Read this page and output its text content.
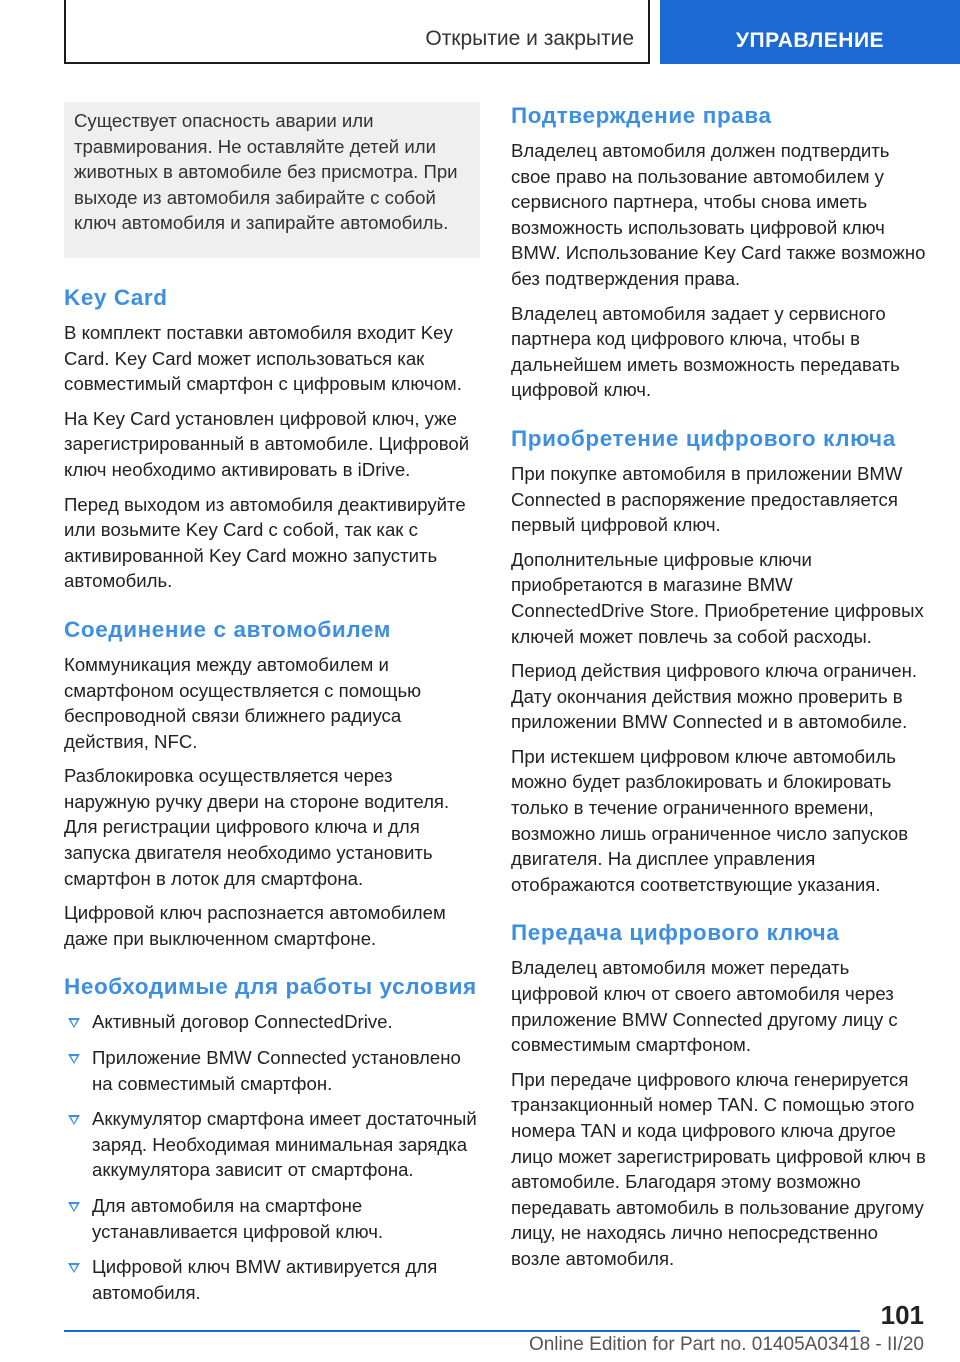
Открытие и закрытие	УПРАВЛЕНИЕ

Существует опасность аварии или травмирования. Не оставляйте детей или животных в автомобиле без присмотра. При выходе из автомобиля забирайте с собой ключ автомобиля и запирайте автомобиль.

Key Card

В комплект поставки автомобиля входит Key Card. Key Card может использоваться как совместимый смартфон с цифровым ключом.

На Key Card установлен цифровой ключ, уже зарегистрированный в автомобиле. Цифровой ключ необходимо активировать в iDrive.

Перед выходом из автомобиля деактивируйте или возьмите Key Card с собой, так как с активированной Key Card можно запустить автомобиль.

Соединение с автомобилем

Коммуникация между автомобилем и смартфоном осуществляется с помощью беспроводной связи ближнего радиуса действия, NFC.

Разблокировка осуществляется через наружную ручку двери на стороне водителя. Для регистрации цифрового ключа и для запуска двигателя необходимо установить смартфон в лоток для смартфона.

Цифровой ключ распознается автомобилем даже при выключенном смартфоне.

Необходимые для работы условия
Активный договор ConnectedDrive.
Приложение BMW Connected установлено на совместимый смартфон.
Аккумулятор смартфона имеет достаточный заряд. Необходимая минимальная зарядка аккумулятора зависит от смартфона.
Для автомобиля на смартфоне устанавливается цифровой ключ.
Цифровой ключ BMW активируется для автомобиля.
Подтверждение права

Владелец автомобиля должен подтвердить свое право на пользование автомобилем у сервисного партнера, чтобы снова иметь возможность использовать цифровой ключ BMW. Использование Key Card также возможно без подтверждения права.

Владелец автомобиля задает у сервисного партнера код цифрового ключа, чтобы в дальнейшем иметь возможность передавать цифровой ключ.

Приобретение цифрового ключа

При покупке автомобиля в приложении BMW Connected в распоряжение предоставляется первый цифровой ключ.

Дополнительные цифровые ключи приобретаются в магазине BMW ConnectedDrive Store. Приобретение цифровых ключей может повлечь за собой расходы.

Период действия цифрового ключа ограничен. Дату окончания действия можно проверить в приложении BMW Connected и в автомобиле.

При истекшем цифровом ключе автомобиль можно будет разблокировать и блокировать только в течение ограниченного времени, возможно лишь ограниченное число запусков двигателя. На дисплее управления отображаются соответствующие указания.

Передача цифрового ключа

Владелец автомобиля может передать цифровой ключ от своего автомобиля через приложение BMW Connected другому лицу с совместимым смартфоном.

При передаче цифрового ключа генерируется транзакционный номер TAN. С помощью этого номера TAN и кода цифрового ключа другое лицо может зарегистрировать цифровой ключ в автомобиле. Благодаря этому возможно передавать автомобиль в пользование другому лицу, не находясь лично непосредственно возле автомобиля.

101
Online Edition for Part no. 01405A03418 - II/20
